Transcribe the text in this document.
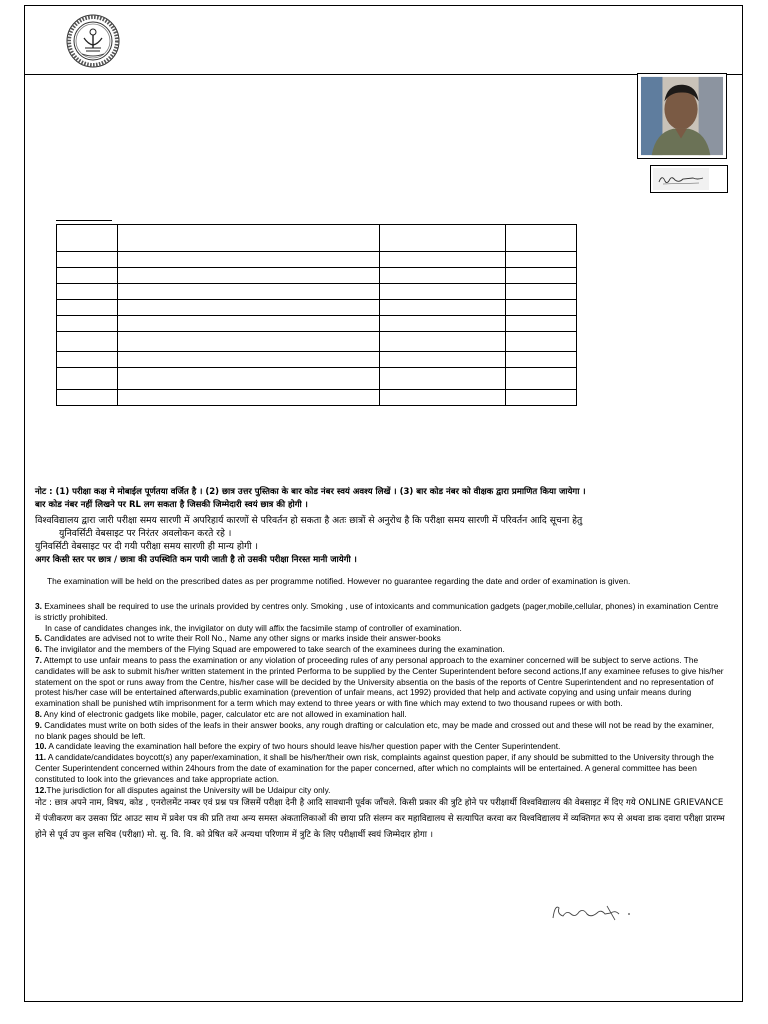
नोट : (1) परीक्षा कक्ष मे मोबाईल पूर्णतया वर्जित है । (2) छात्र उत्तर पुस्तिका के बार कोड नंबर स्वयं अवश्य लिखें । (3) बार कोड नंबर को वीक्षक द्वारा प्रमाणित किया जायेगा ।

बार कोड नंबर नहीं लिखने पर RL लग सकता है जिसकी जिम्मेदारी स्वयं छात्र की होगी ।

विश्वविद्यालय द्वारा जारी परीक्षा समय सारणी में अपरिहार्य कारणों से परिवर्तन हो सकता है अतः छात्रों से अनुरोध है कि परीक्षा समय सारणी में परिवर्तन आदि सूचना हेतु

युनिवर्सिटी वेबसाइट पर निरंतर अवलोकन करते रहे ।

युनिवर्सिटी वेबसाइट पर दी गयी परीक्षा समय सारणी ही मान्य होगी ।

अगर किसी स्तर पर छात्र / छात्रा की उपस्थिति कम पायी जाती है तो उसकी परीक्षा निरस्त मानी जायेगी ।

The examination will be held on the prescribed dates as per programme notified. However no guarantee regarding the date and order of examination is given.

3. Examinees shall be required to use the urinals provided by centres only. Smoking , use of intoxicants and communication gadgets (pager,mobile,cellular, phones) in examination Centre is strictly prohibited.

In case of candidates changes ink, the invigilator on duty will affix the facsimile stamp of controller of examination.

5. Candidates are advised not to write their Roll No., Name any other signs or marks inside their answer-books

6. The invigilator and the members of the Flying Squad are empowered to take search of the examinees during the examination.

7. Attempt to use unfair means to pass the examination or any violation of proceeding rules of any personal approach to the examiner concerned will be subject to serve actions. The candidates will be ask to submit his/her written statement in the printed Performa to be supplied by the Center Superintendent before second actions,If any examinee refuses to give his/her statement on the spot or runs away from the Centre, his/her case will be decided by the University absentia on the basis of the reports of Centre Superintendent and no representation of protest his/her case will be entertained afterwards,public examination (prevention of unfair means, act 1992) provided that help and activate copying and using unfair means during examination shall be punished wtih imprisonment for a term which may extend to three years or with fine which may extend to two thousand rupees or with both.

8. Any kind of electronic gadgets like mobile, pager, calculator etc are not allowed in examination hall.

9. Candidates must write on both sides of the leafs in their answer books, any rough drafting or calculation etc, may be made and crossed out and these will not be read by the examiner, no blank pages should be left.

10. A candidate leaving the examination hall before the expiry of two hours should leave his/her question paper with the Center Superintendent.

11. A candidate/candidates boycott(s) any paper/examination, it shall be his/her/their own risk, complaints against question paper, if any should be submitted to the University through the Center Superintendent concerned within 24hours from the date of examination for the paper concerned, after which no complaints will be entertained. A general committee has been constituted to look into the grievances and take appropriate action.

12.The jurisdiction for all disputes against the University will be Udaipur city only.

नोट : छात्र अपने नाम, विषय, कोड , एनरोलमेंट नम्बर एवं प्रश्न पत्र जिसमें परीक्षा देनी है आदि सावधानी पूर्वक जाँचले. किसी प्रकार की त्रुटि होने पर परीक्षार्थी विश्वविद्यालय की वेबसाइट में दिए गये ONLINE GRIEVANCE में पंजीकरण कर उसका प्रिंट आउट साथ में प्रवेश पत्र की प्रति तथा अन्य समस्त अंकतालिकाओं की छाया प्रति संलग्न कर महाविद्यालय से सत्यापित करवा कर विश्वविद्यालय में व्यक्तिगत रूप से अथवा डाक दवारा परीक्षा प्रारम्भ होने से पूर्व उप कुल सचिव (परीक्षा) मो. सु. वि. वि. को प्रेषित करें अन्यथा परिणाम में त्रुटि के लिए परीक्षार्थी स्वयं जिम्मेदार होगा ।
